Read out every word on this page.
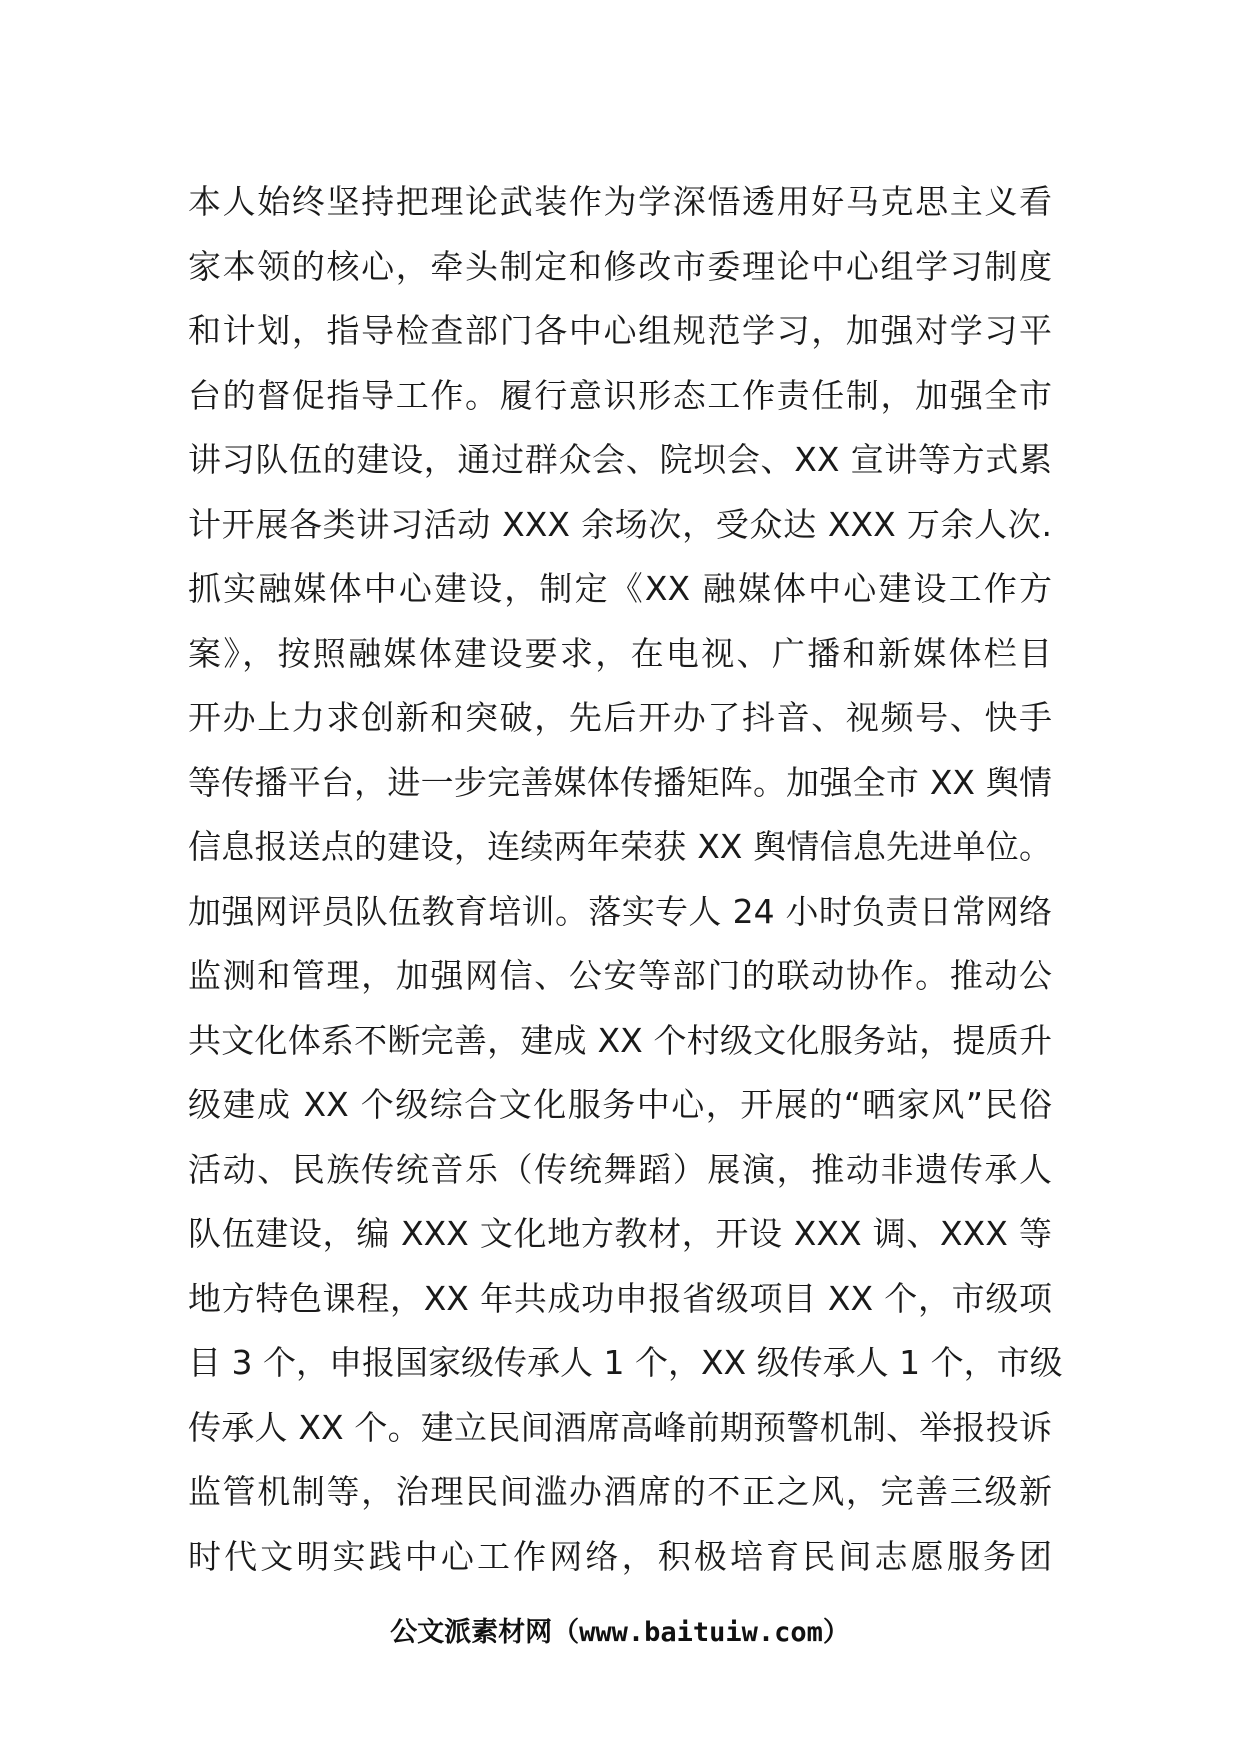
本人始终坚持把理论武装作为学深悟透用好马克思主义看
家本领的核心，牵头制定和修改市委理论中心组学习制度
和计划，指导检查部门各中心组规范学习，加强对学习平
台的督促指导工作。履行意识形态工作责任制，加强全市
讲习队伍的建设，通过群众会、院坝会、XX 宣讲等方式累
计开展各类讲习活动 XXX 余场次，受众达 XXX 万余人次.
抓实融媒体中心建设，制定《XX 融媒体中心建设工作方
案》，按照融媒体建设要求，在电视、广播和新媒体栏目
开办上力求创新和突破，先后开办了抖音、视频号、快手
等传播平台，进一步完善媒体传播矩阵。加强全市 XX 舆情
信息报送点的建设，连续两年荣获 XX 舆情信息先进单位。
加强网评员队伍教育培训。落实专人 24 小时负责日常网络
监测和管理，加强网信、公安等部门的联动协作。推动公
共文化体系不断完善，建成 XX 个村级文化服务站，提质升
级建成 XX 个级综合文化服务中心，开展的“晒家风”民俗
活动、民族传统音乐（传统舞蹈）展演，推动非遗传承人
队伍建设，编 XXX 文化地方教材，开设 XXX 调、XXX 等
地方特色课程，XX 年共成功申报省级项目 XX 个，市级项
目 3 个，申报国家级传承人 1 个，XX 级传承人 1 个，市级
传承人 XX 个。建立民间酒席高峰前期预警机制、举报投诉
监管机制等，治理民间滥办酒席的不正之风，完善三级新
时代文明实践中心工作网络，积极培育民间志愿服务团
公文派素材网（www.baituiw.com）
